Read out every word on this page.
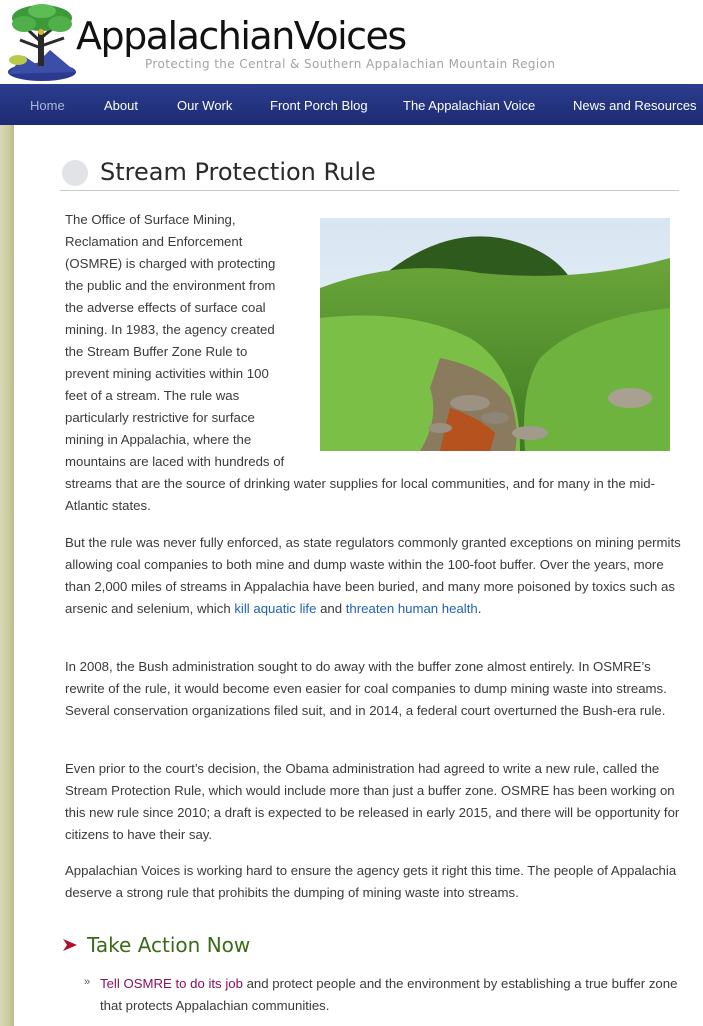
AppalachianVoices
Protecting the Central & Southern Appalachian Mountain Region
Home	About	Our Work	Front Porch Blog	The Appalachian Voice	News and Resources
Stream Protection Rule
The Office of Surface Mining,
Reclamation and Enforcement
(OSMRE) is charged with protecting
the public and the environment from
the adverse effects of surface coal
mining. In 1983, the agency created
the Stream Buffer Zone Rule to
prevent mining activities within 100
feet of a stream. The rule was
particularly restrictive for surface
mining in Appalachia, where the
mountains are laced with hundreds of
streams that are the source of drinking water supplies for local communities, and for many in the mid-Atlantic states.
But the rule was never fully enforced, as state regulators commonly granted exceptions on mining permits allowing coal companies to both mine and dump waste within the 100-foot buffer. Over the years, more than 2,000 miles of streams in Appalachia have been buried, and many more poisoned by toxics such as arsenic and selenium, which kill aquatic life and threaten human health.
In 2008, the Bush administration sought to do away with the buffer zone almost entirely. In OSMRE’s rewrite of the rule, it would become even easier for coal companies to dump mining waste into streams. Several conservation organizations filed suit, and in 2014, a federal court overturned the Bush-era rule.
Even prior to the court’s decision, the Obama administration had agreed to write a new rule, called the Stream Protection Rule, which would include more than just a buffer zone. OSMRE has been working on this new rule since 2010; a draft is expected to be released in early 2015, and there will be opportunity for citizens to have their say.
Appalachian Voices is working hard to ensure the agency gets it right this time. The people of Appalachia deserve a strong rule that prohibits the dumping of mining waste into streams.
Take Action Now
» Tell OSMRE to do its job and protect people and the environment by establishing a true buffer zone that protects Appalachian communities.
